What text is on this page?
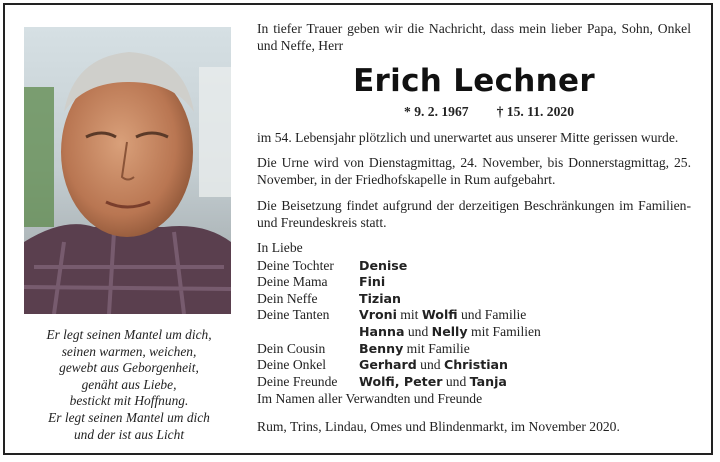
Er legt seinen Mantel um dich,
seinen warmen, weichen,
gewebt aus Geborgenheit,
genäht aus Liebe,
bestickt mit Hoffnung.
Er legt seinen Mantel um dich
und der ist aus Licht
In tiefer Trauer geben wir die Nachricht, dass mein lieber Papa, Sohn, Onkel und Neffe, Herr
Erich Lechner
* 9. 2. 1967 † 15. 11. 2020
im 54. Lebensjahr plötzlich und unerwartet aus unserer Mitte gerissen wurde.
Die Urne wird von Dienstagmittag, 24. November, bis Donnerstagmittag, 25. November, in der Friedhofskapelle in Rum aufgebahrt.
Die Beisetzung findet aufgrund der derzeitigen Beschränkungen im Familien- und Freundeskreis statt.
In Liebe
Deine Tochter	Denise
Deine Mama	Fini
Dein Neffe	Tizian
Deine Tanten	Vroni mit Wolfi und Familie
	Hanna und Nelly mit Familien
Dein Cousin	Benny mit Familie
Deine Onkel	Gerhard und Christian
Deine Freunde	Wolfi, Peter und Tanja
Im Namen aller Verwandten und Freunde
Rum, Trins, Lindau, Omes und Blindenmarkt, im November 2020.
